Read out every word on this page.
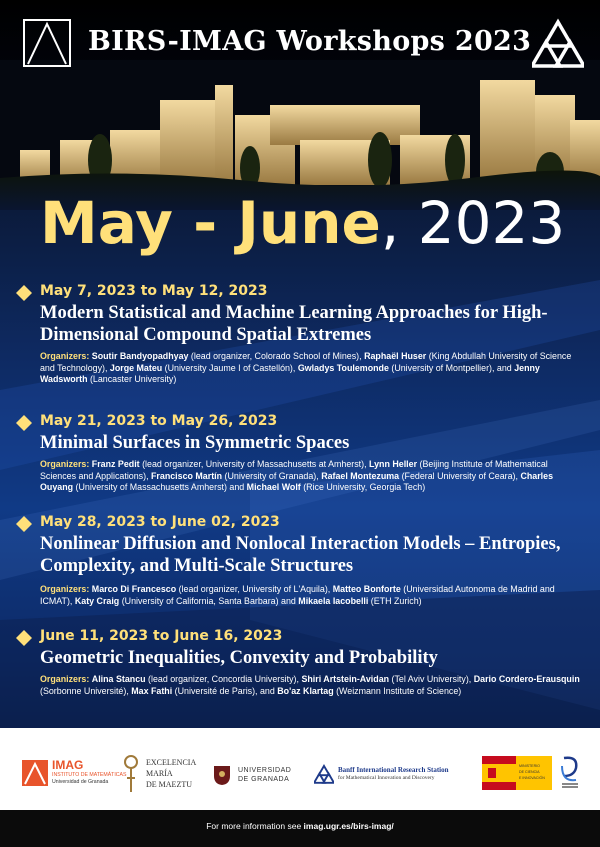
BIRS-IMAG Workshops 2023
May - June, 2023
May 7, 2023 to May 12, 2023
Modern Statistical and Machine Learning Approaches for High-Dimensional Compound Spatial Extremes
Organizers: Soutir Bandyopadhyay (lead organizer, Colorado School of Mines), Raphaël Huser (King Abdullah University of Science and Technology), Jorge Mateu (University Jaume I of Castellón), Gwladys Toulemonde (University of Montpellier), and Jenny Wadsworth (Lancaster University)
May 21, 2023 to May 26, 2023
Minimal Surfaces in Symmetric Spaces
Organizers: Franz Pedit (lead organizer, University of Massachusetts at Amherst), Lynn Heller (Beijing Institute of Mathematical Sciences and Applications), Francisco Martín (University of Granada), Rafael Montezuma (Federal University of Ceara), Charles Ouyang (University of Massachusetts Amherst) and Michael Wolf (Rice University, Georgia Tech)
May 28, 2023 to June 02, 2023
Nonlinear Diffusion and Nonlocal Interaction Models – Entropies, Complexity, and Multi-Scale Structures
Organizers: Marco Di Francesco (lead organizer, University of L'Aquila), Matteo Bonforte (Universidad Autonoma de Madrid and ICMAT), Katy Craig (University of California, Santa Barbara) and Mikaela Iacobelli (ETH Zurich)
June 11, 2023 to June 16, 2023
Geometric Inequalities, Convexity and Probability
Organizers: Alina Stancu (lead organizer, Concordia University), Shiri Artstein-Avidan (Tel Aviv University), Dario Cordero-Erausquin (Sorbonne Université), Max Fathi (Université de Paris), and Bo'az Klartag (Weizmann Institute of Science)
IMAG
INSTITUTO DE MATEMÁTICAS
Universidad de Granada
EXCELENCIA
MARÍA
DE MAEZTU
UNIVERSIDAD
DE GRANADA
Banff International Research Station
for Mathematical Innovation and Discovery
MINISTERIO
DE CIENCIA
E INNOVACIÓN
For more information see imag.ugr.es/birs-imag/
